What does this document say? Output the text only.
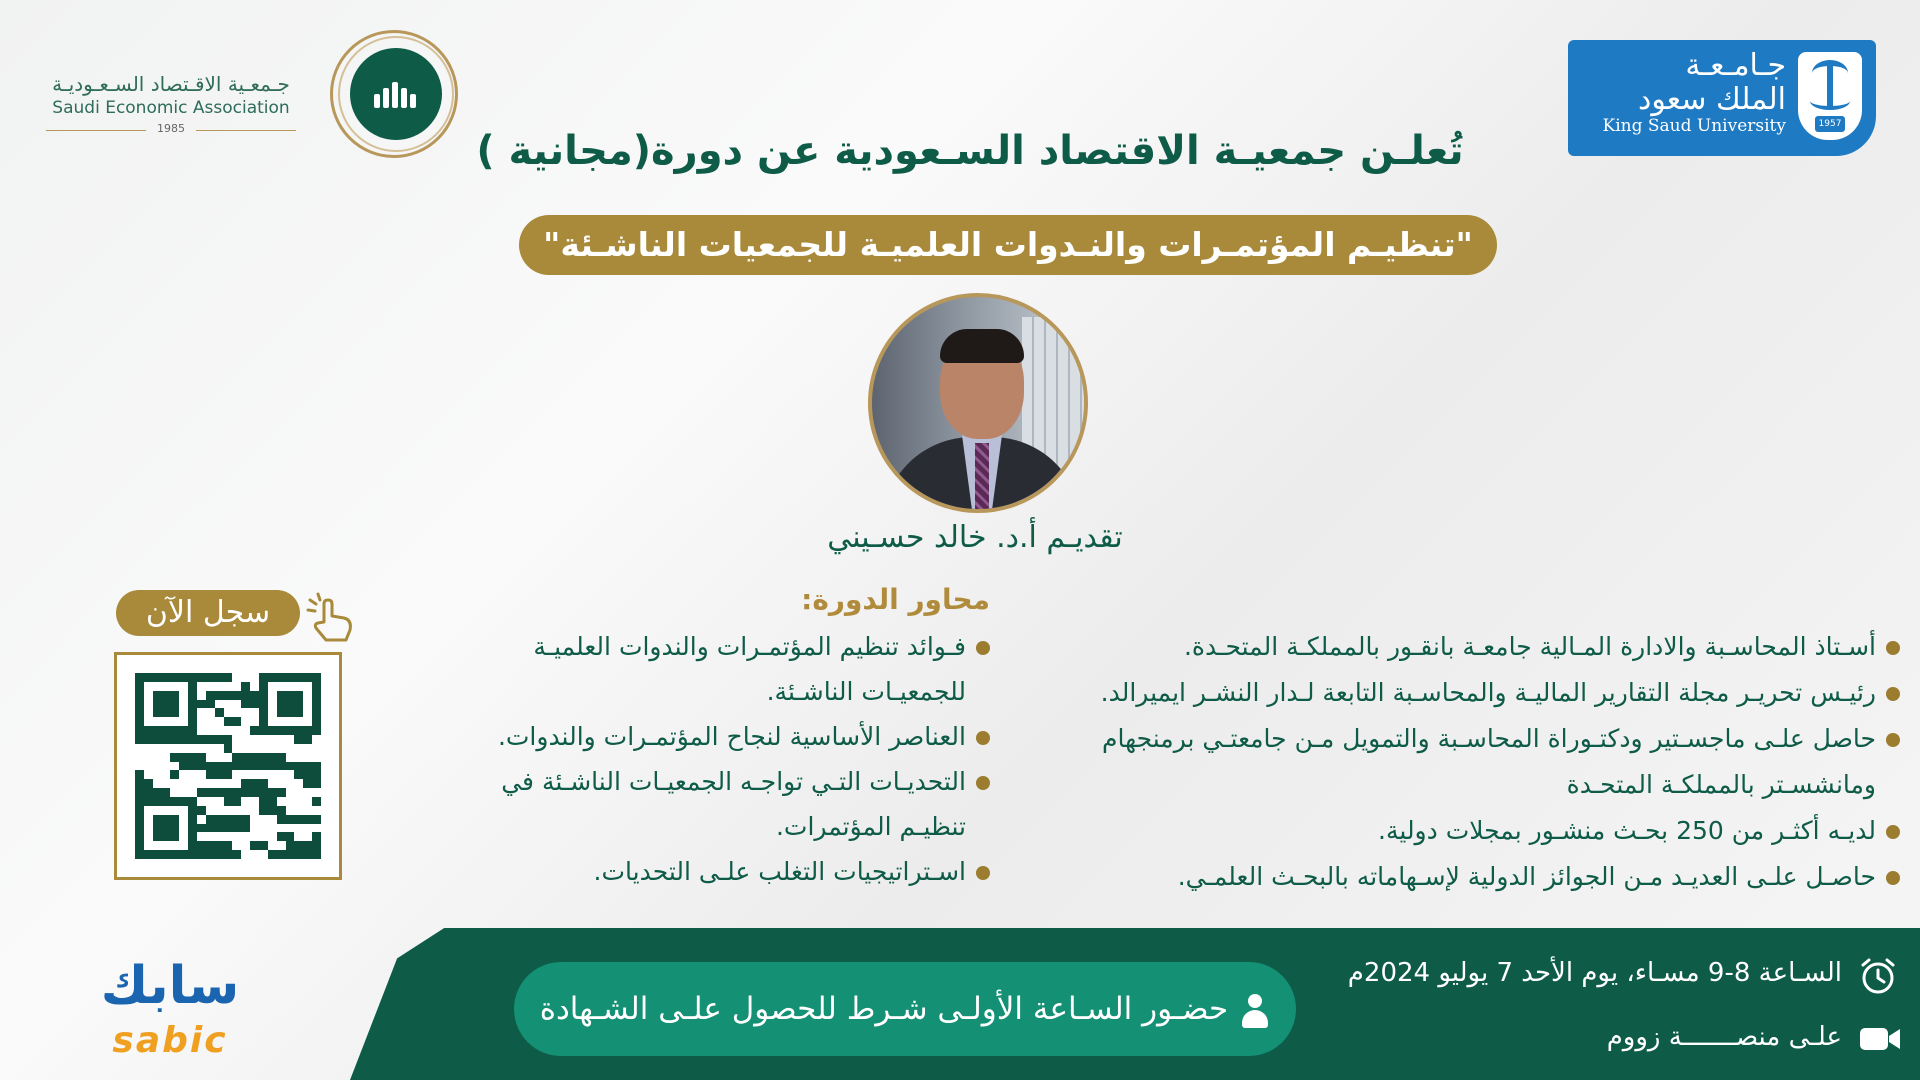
جـامـعـة
الملك سعود
King Saud University	1957
جـمعـية الاقـتصاد السـعـوديـة
Saudi Economic Association
1985	تُعلـن جمعيـة الاقتصاد السـعودية عن دورة(مجانية )
"تنظيـم المؤتمـرات والنـدوات العلميـة للجمعيات الناشـئة"
تقديـم أ.د. خالد حسـيني
محاور الدورة:
فـوائد تنظيم المؤتمـرات والندوات العلميـة
للجمعيـات الناشـئة.
العناصر الأساسية لنجاح المؤتمـرات والندوات.
التحديـات التـي تواجـه الجمعيـات الناشـئة في
تنظيـم المؤتمرات.
اسـتراتيجيات التغلب علـى التحديات.
أسـتاذ المحاسـبة والادارة المـالية جامعـة بانقـور بالمملكـة المتحـدة.
رئيـس تحريـر مجلة التقارير الماليـة والمحاسـبة التابعة لـدار النشـر ايميرالد.
حاصل علـى ماجسـتير ودكتـوراة المحاسـبة والتمويل مـن جامعتـي برمنجهام
ومانشسـتر بالمملكـة المتحـدة
لديـه أكثـر من 250 بحـث منشـور بمجلات دولية.
حاصـل علـى العديـد مـن الجوائز الدولية لإسـهاماته بالبحـث العلمـي.
سجل الآن
حضـور السـاعة الأولـى شـرط للحصول علـى الشـهادة
السـاعة 8-9 مسـاء، يوم الأحد 7 يوليو 2024م
علـى منصـــــــة زووم
سابك
sabic
